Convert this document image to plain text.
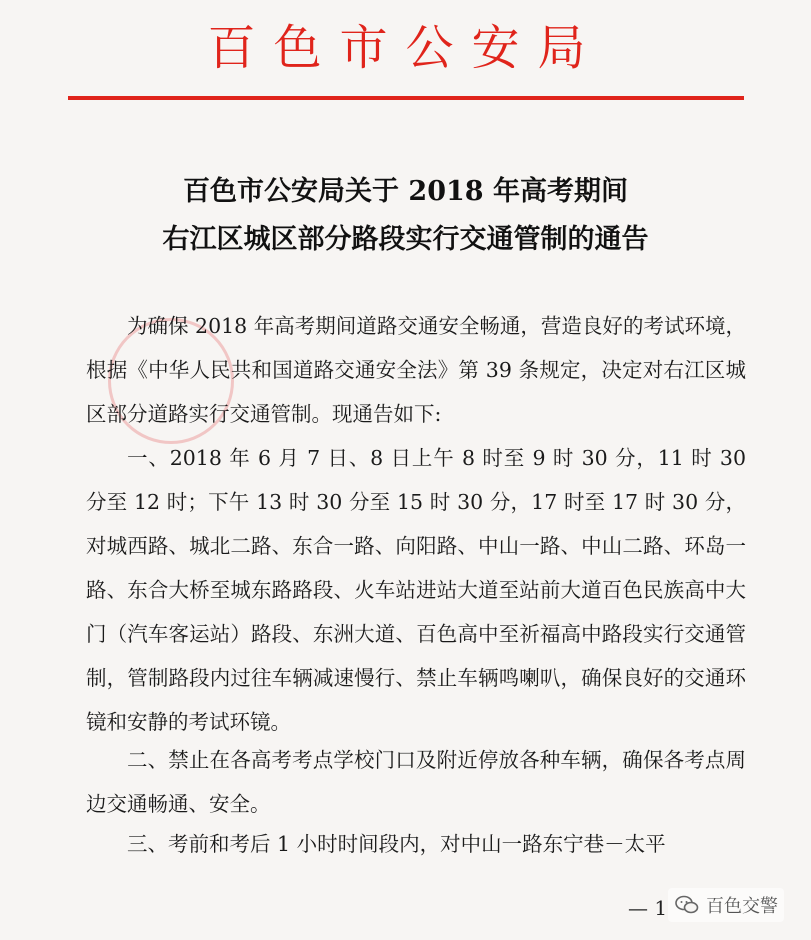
百色市公安局
百色市公安局关于 2018 年高考期间
右江区城区部分路段实行交通管制的通告
为确保 2018 年高考期间道路交通安全畅通，营造良好的考试环境，根据《中华人民共和国道路交通安全法》第 39 条规定，决定对右江区城区部分道路实行交通管制。现通告如下:
一、2018 年 6 月 7 日、8 日上午 8 时至 9 时 30 分，11 时 30 分至 12 时；下午 13 时 30 分至 15 时 30 分，17 时至 17 时 30 分，对城西路、城北二路、东合一路、向阳路、中山一路、中山二路、环岛一路、东合大桥至城东路路段、火车站进站大道至站前大道百色民族高中大门（汽车客运站）路段、东洲大道、百色高中至祈福高中路段实行交通管制，管制路段内过往车辆减速慢行、禁止车辆鸣喇叭，确保良好的交通环镜和安静的考试环镜。
二、禁止在各高考考点学校门口及附近停放各种车辆，确保各考点周边交通畅通、安全。
三、考前和考后 1 小时时间段内，对中山一路东宁巷－太平
— 1 百色交警
